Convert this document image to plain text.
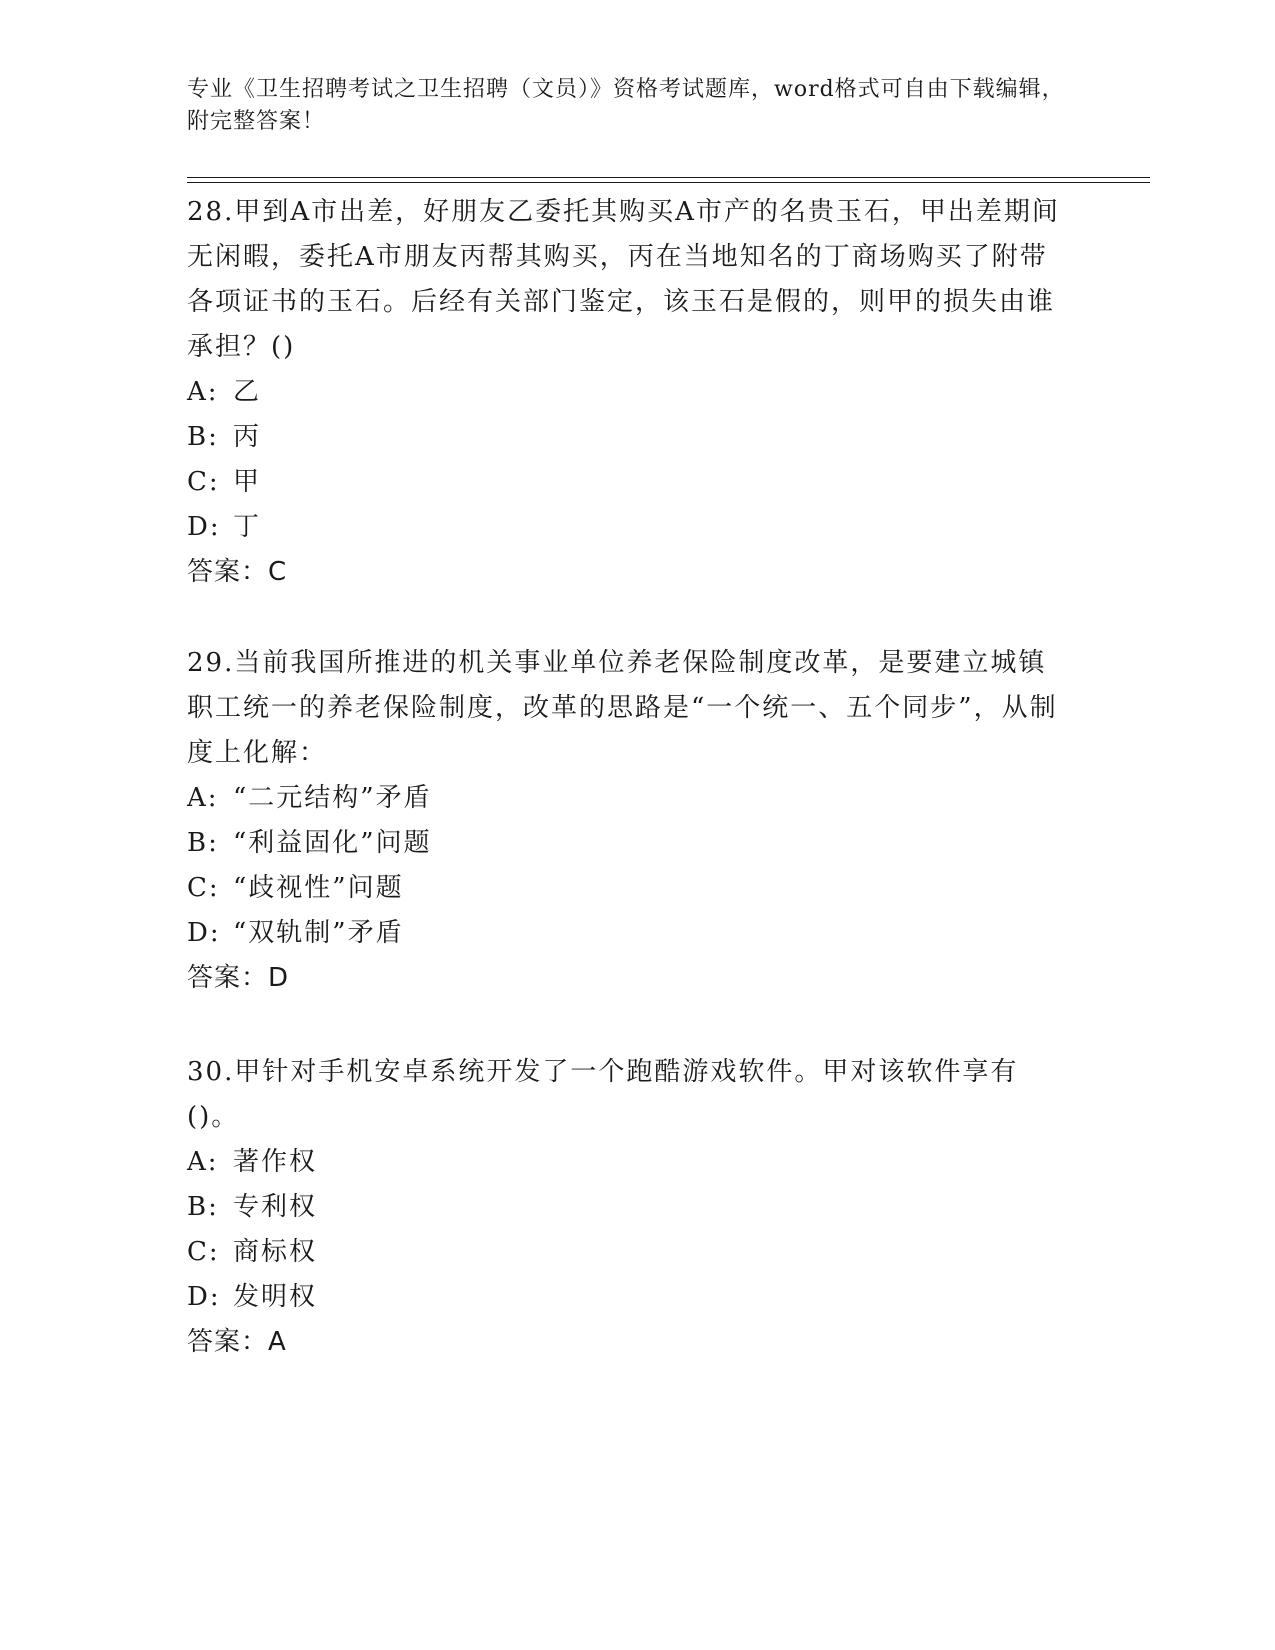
专业《卫生招聘考试之卫生招聘（文员）》资格考试题库，word格式可自由下载编辑，附完整答案！
28.甲到A市出差，好朋友乙委托其购买A市产的名贵玉石，甲出差期间无闲暇，委托A市朋友丙帮其购买，丙在当地知名的丁商场购买了附带各项证书的玉石。后经有关部门鉴定，该玉石是假的，则甲的损失由谁承担？()
A: 乙
B: 丙
C: 甲
D: 丁
答案：C
29.当前我国所推进的机关事业单位养老保险制度改革，是要建立城镇职工统一的养老保险制度，改革的思路是“一个统一、五个同步”，从制度上化解：
A: “二元结构”矛盾
B: “利益固化”问题
C: “歧视性”问题
D: “双轨制”矛盾
答案：D
30.甲针对手机安卓系统开发了一个跑酷游戏软件。甲对该软件享有()。
A: 著作权
B: 专利权
C: 商标权
D: 发明权
答案：A
